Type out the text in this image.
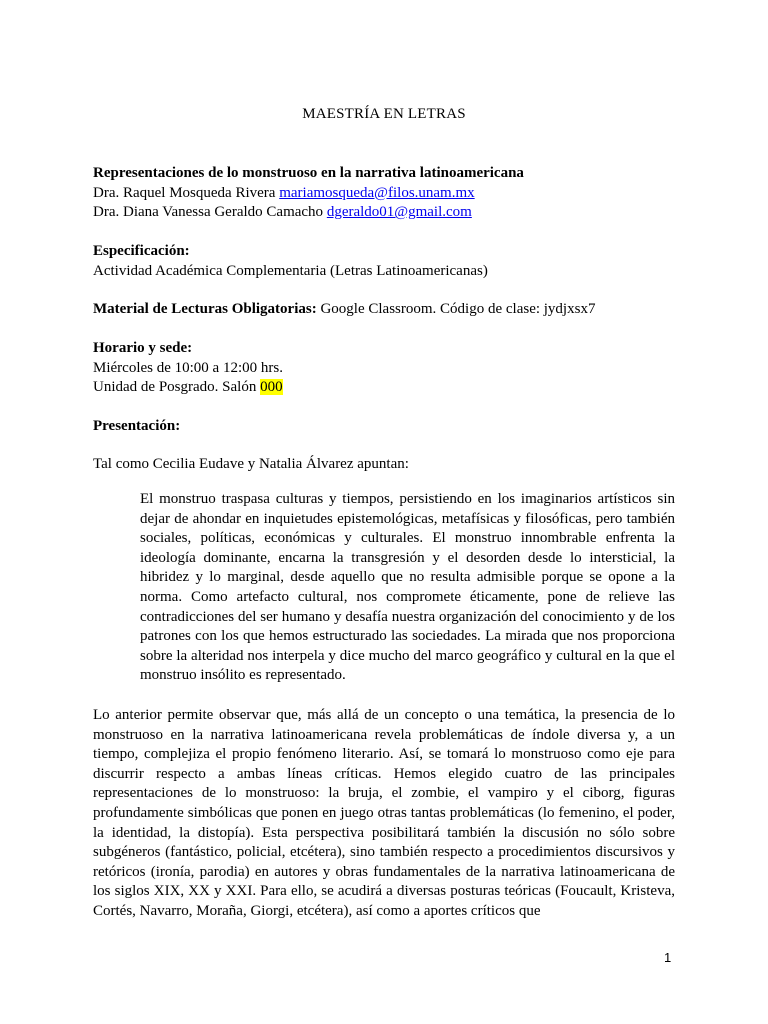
MAESTRÍA EN LETRAS
Representaciones de lo monstruoso en la narrativa latinoamericana
Dra. Raquel Mosqueda Rivera mariamosqueda@filos.unam.mx
Dra. Diana Vanessa Geraldo Camacho dgeraldo01@gmail.com
Especificación:
Actividad Académica Complementaria (Letras Latinoamericanas)
Material de Lecturas Obligatorias: Google Classroom. Código de clase: jydjxsx7
Horario y sede:
Miércoles de 10:00 a 12:00 hrs.
Unidad de Posgrado. Salón 000
Presentación:
Tal como Cecilia Eudave y Natalia Álvarez apuntan:
El monstruo traspasa culturas y tiempos, persistiendo en los imaginarios artísticos sin dejar de ahondar en inquietudes epistemológicas, metafísicas y filosóficas, pero también sociales, políticas, económicas y culturales. El monstruo innombrable enfrenta la ideología dominante, encarna la transgresión y el desorden desde lo intersticial, la hibridez y lo marginal, desde aquello que no resulta admisible porque se opone a la norma. Como artefacto cultural, nos compromete éticamente, pone de relieve las contradicciones del ser humano y desafía nuestra organización del conocimiento y de los patrones con los que hemos estructurado las sociedades. La mirada que nos proporciona sobre la alteridad nos interpela y dice mucho del marco geográfico y cultural en la que el monstruo insólito es representado.
Lo anterior permite observar que, más allá de un concepto o una temática, la presencia de lo monstruoso en la narrativa latinoamericana revela problemáticas de índole diversa y, a un tiempo, complejiza el propio fenómeno literario. Así, se tomará lo monstruoso como eje para discurrir respecto a ambas líneas críticas. Hemos elegido cuatro de las principales representaciones de lo monstruoso: la bruja, el zombie, el vampiro y el ciborg, figuras profundamente simbólicas que ponen en juego otras tantas problemáticas (lo femenino, el poder, la identidad, la distopía). Esta perspectiva posibilitará también la discusión no sólo sobre subgéneros (fantástico, policial, etcétera), sino también respecto a procedimientos discursivos y retóricos (ironía, parodia) en autores y obras fundamentales de la narrativa latinoamericana de los siglos XIX, XX y XXI. Para ello, se acudirá a diversas posturas teóricas (Foucault, Kristeva, Cortés, Navarro, Moraña, Giorgi, etcétera), así como a aportes críticos que
1
